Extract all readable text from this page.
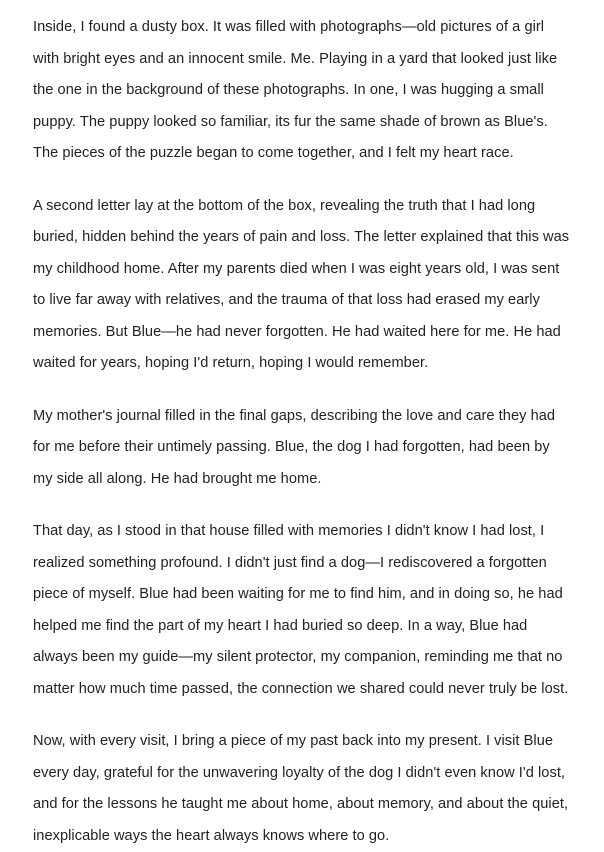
Inside, I found a dusty box. It was filled with photographs—old pictures of a girl with bright eyes and an innocent smile. Me. Playing in a yard that looked just like the one in the background of these photographs. In one, I was hugging a small puppy. The puppy looked so familiar, its fur the same shade of brown as Blue's. The pieces of the puzzle began to come together, and I felt my heart race.

A second letter lay at the bottom of the box, revealing the truth that I had long buried, hidden behind the years of pain and loss. The letter explained that this was my childhood home. After my parents died when I was eight years old, I was sent to live far away with relatives, and the trauma of that loss had erased my early memories. But Blue—he had never forgotten. He had waited here for me. He had waited for years, hoping I'd return, hoping I would remember.

My mother's journal filled in the final gaps, describing the love and care they had for me before their untimely passing. Blue, the dog I had forgotten, had been by my side all along. He had brought me home.

That day, as I stood in that house filled with memories I didn't know I had lost, I realized something profound. I didn't just find a dog—I rediscovered a forgotten piece of myself. Blue had been waiting for me to find him, and in doing so, he had helped me find the part of my heart I had buried so deep. In a way, Blue had always been my guide—my silent protector, my companion, reminding me that no matter how much time passed, the connection we shared could never truly be lost.

Now, with every visit, I bring a piece of my past back into my present. I visit Blue every day, grateful for the unwavering loyalty of the dog I didn't even know I'd lost, and for the lessons he taught me about home, about memory, and about the quiet, inexplicable ways the heart always knows where to go.
